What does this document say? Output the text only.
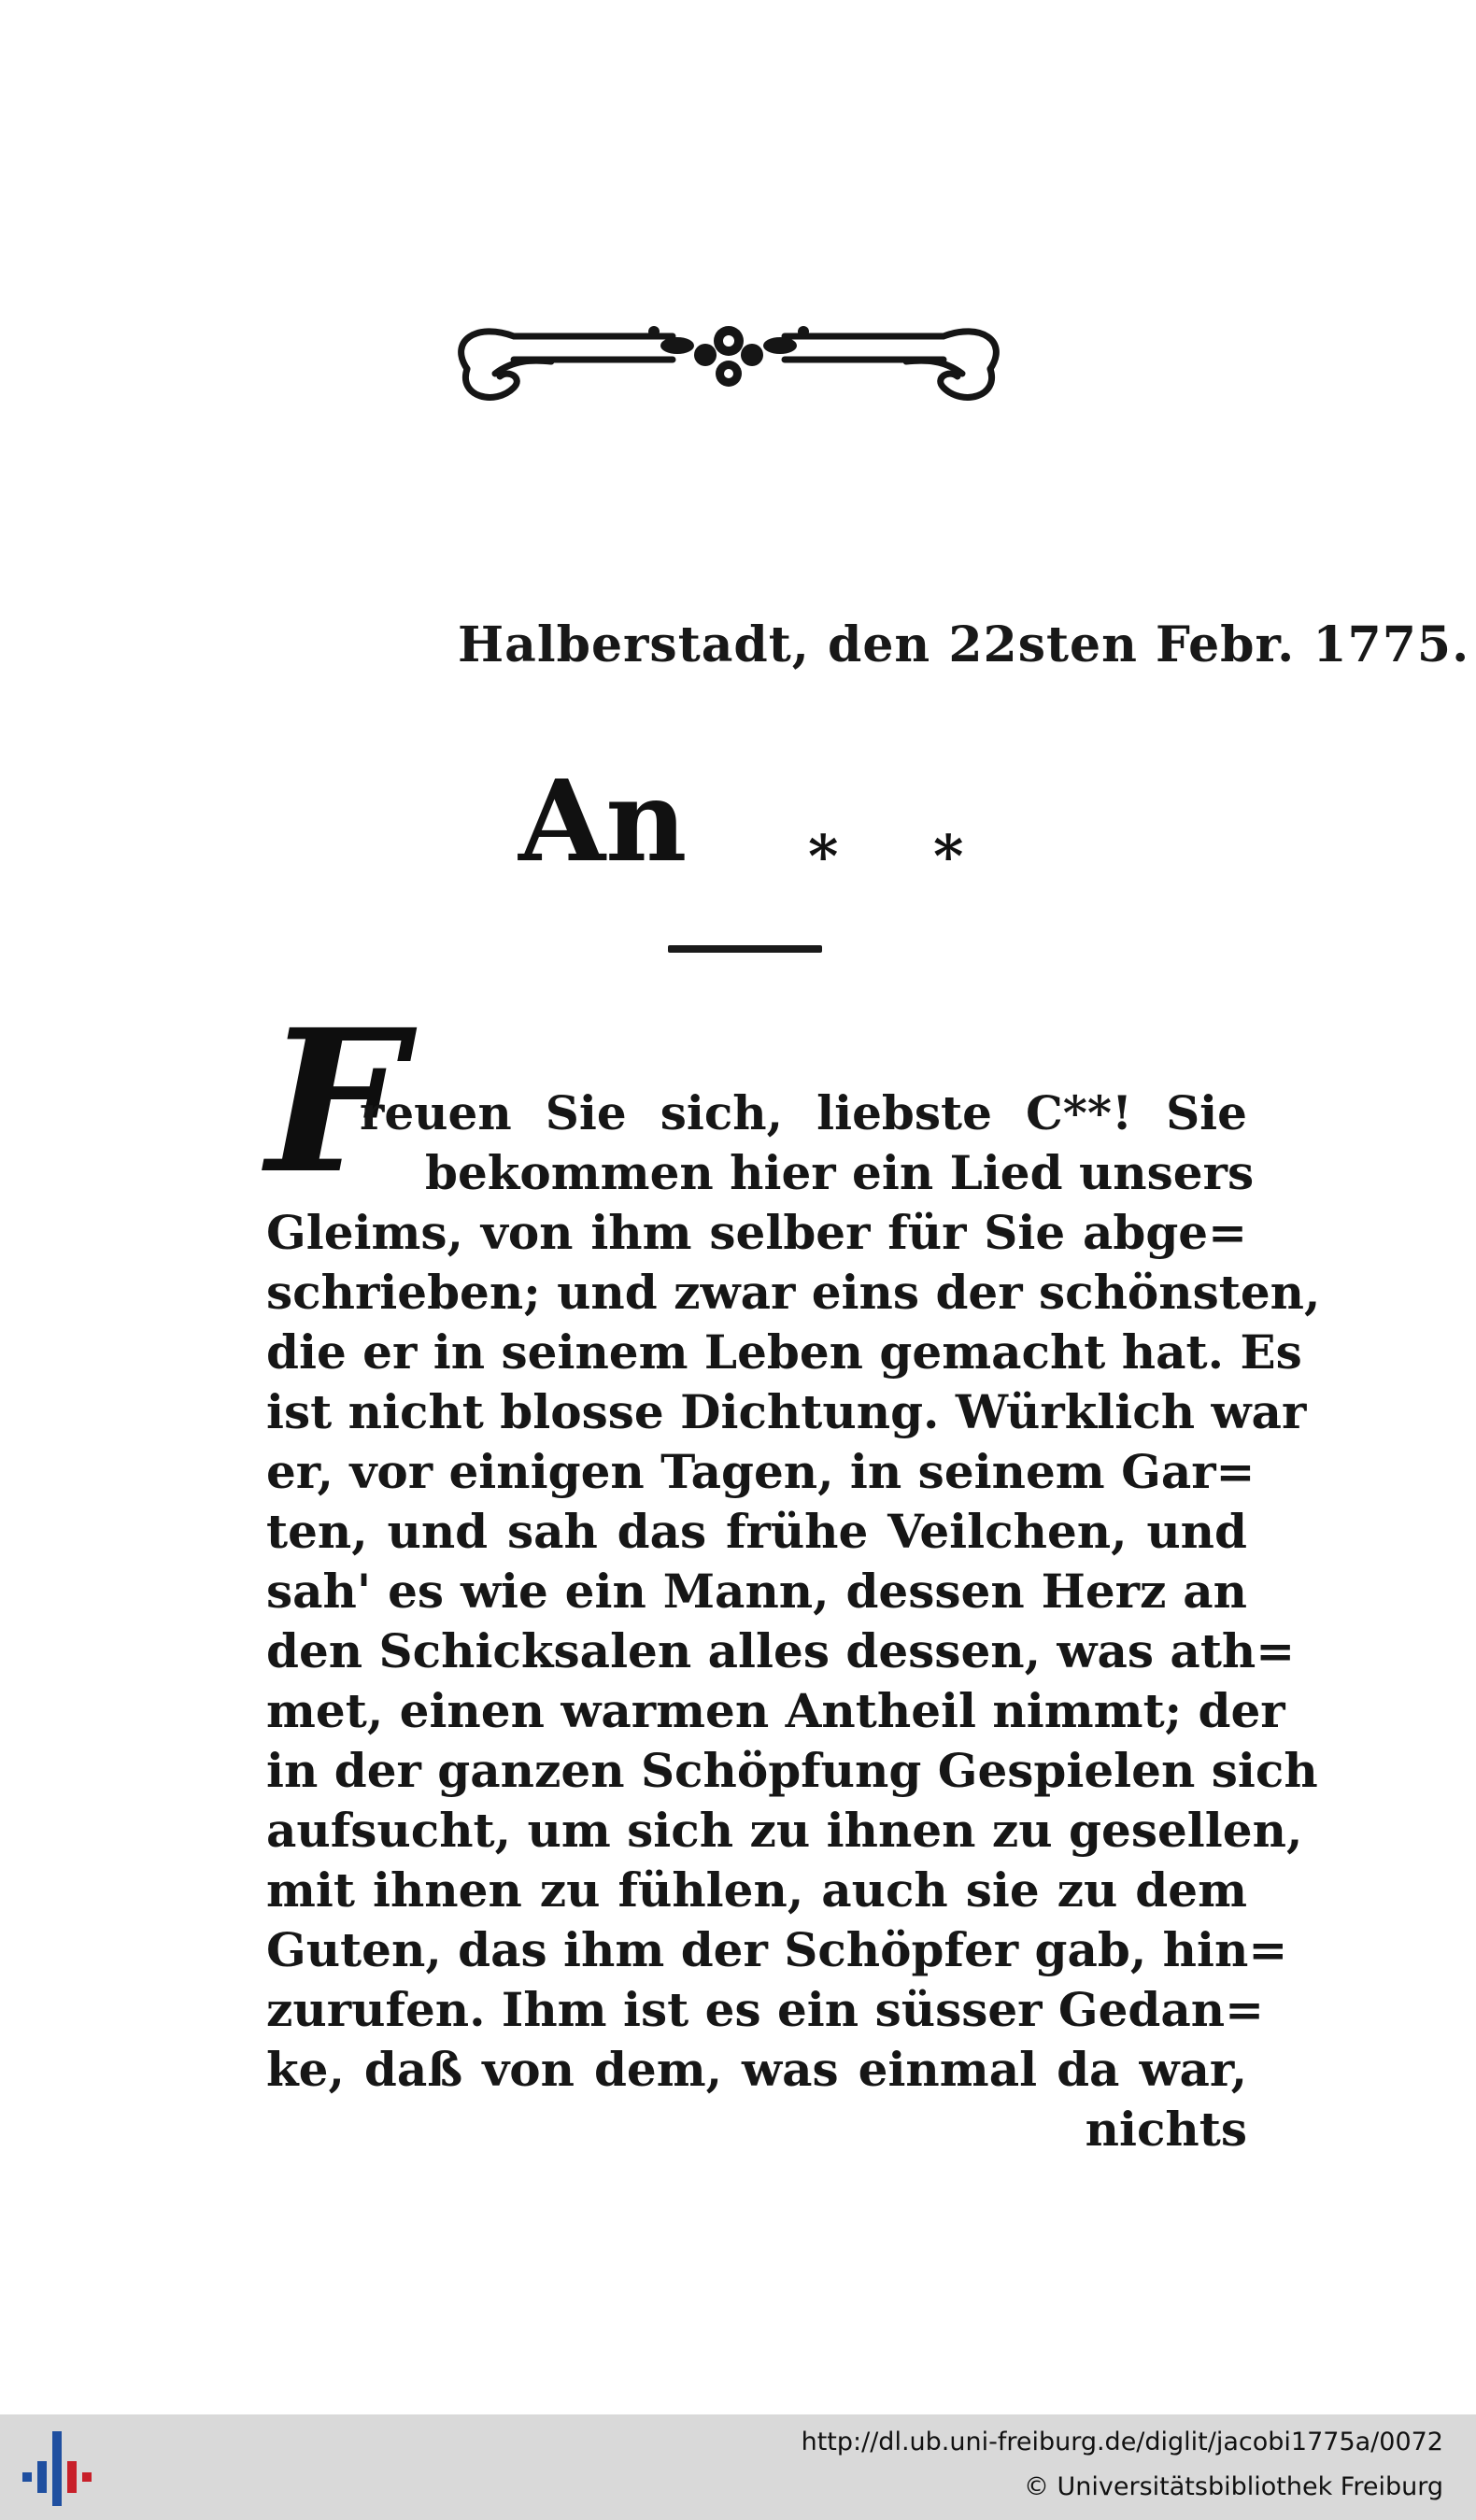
Halberstadt, den 22sten Febr. 1775.
An * *
F
reuen Sie sich, liebste C**! Sie
bekommen hier ein Lied unsers
Gleims, von ihm selber für Sie abge=
schrieben; und zwar eins der schönsten,
die er in seinem Leben gemacht hat. Es
ist nicht blosse Dichtung. Würklich war
er, vor einigen Tagen, in seinem Gar=
ten, und sah das frühe Veilchen, und
sah' es wie ein Mann, dessen Herz an
den Schicksalen alles dessen, was ath=
met, einen warmen Antheil nimmt; der
in der ganzen Schöpfung Gespielen sich
aufsucht, um sich zu ihnen zu gesellen,
mit ihnen zu fühlen, auch sie zu dem
Guten, das ihm der Schöpfer gab, hin=
zurufen. Ihm ist es ein süsser Gedan=
ke, daß von dem, was einmal da war,
nichts
http://dl.ub.uni-freiburg.de/diglit/jacobi1775a/0072
© Universitätsbibliothek Freiburg
